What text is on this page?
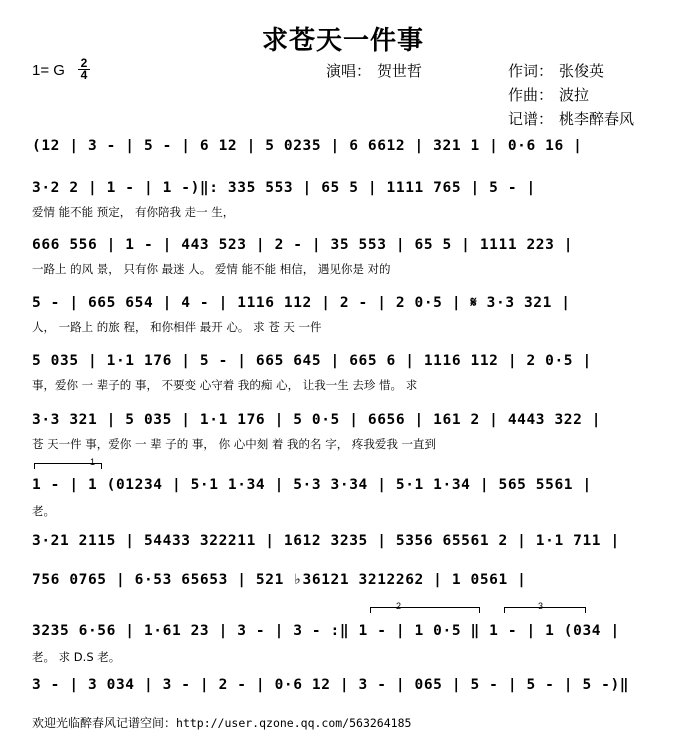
求苍天一件事
1= G 2
4	演唱： 贺世哲	作词： 张俊英
作曲： 波拉
记谱： 桃李醉春风
(12 | 3 - | 5 - | 6 12 | 5 0235 | 6 6612 | 321 1 | 0·6 16 |
3·2 2 | 1 - | 1 -)‖: 335 553 | 65 5 | 1111 765 | 5 - |
爱情 能不能 预定， 有你陪我 走一 生，
666 556 | 1 - | 443 523 | 2 - | 35 553 | 65 5 | 1111 223 |
一路上 的风 景， 只有你 最迷 人。 爱情 能不能 相信， 遇见你是 对的
5 - | 665 654 | 4 - | 1116 112 | 2 - | 2 0·5 | 𝄋 3·3 321 |
人， 一路上 的旅 程， 和你相伴 最开 心。 求 苍 天 一件
5 035 | 1·1 176 | 5 - | 665 645 | 665 6 | 1116 112 | 2 0·5 |
事，爱你 一 辈子的 事， 不要变 心守着 我的痴 心， 让我一生 去珍 惜。 求
3·3 321 | 5 035 | 1·1 176 | 5 0·5 | 6656 | 161 2 | 4443 322 |
苍 天一件 事，爱你 一 辈 子的 事， 你 心中刻 着 我的名 字， 疼我爱我 一直到
1
1 - | 1 (01234 | 5·1 1·34 | 5·3 3·34 | 5·1 1·34 | 565 5561 |
老。
3·21 2115 | 54433 322211 | 1612 3235 | 5356 65561 2 | 1·1 711 |
756 0765 | 6·53 65653 | 521 ♭36121 3212262 | 1 0561 |
2	3
3235 6·56 | 1·61 23 | 3 - | 3 - :‖ 1 - | 1 0·5 ‖ 1 - | 1 (034 |
老。 求 D.S 老。
3 - | 3 034 | 3 - | 2 - | 0·6 12 | 3 - | 065 | 5 - | 5 - | 5 -)‖
欢迎光临醉春风记谱空间：http://user.qzone.qq.com/563264185
